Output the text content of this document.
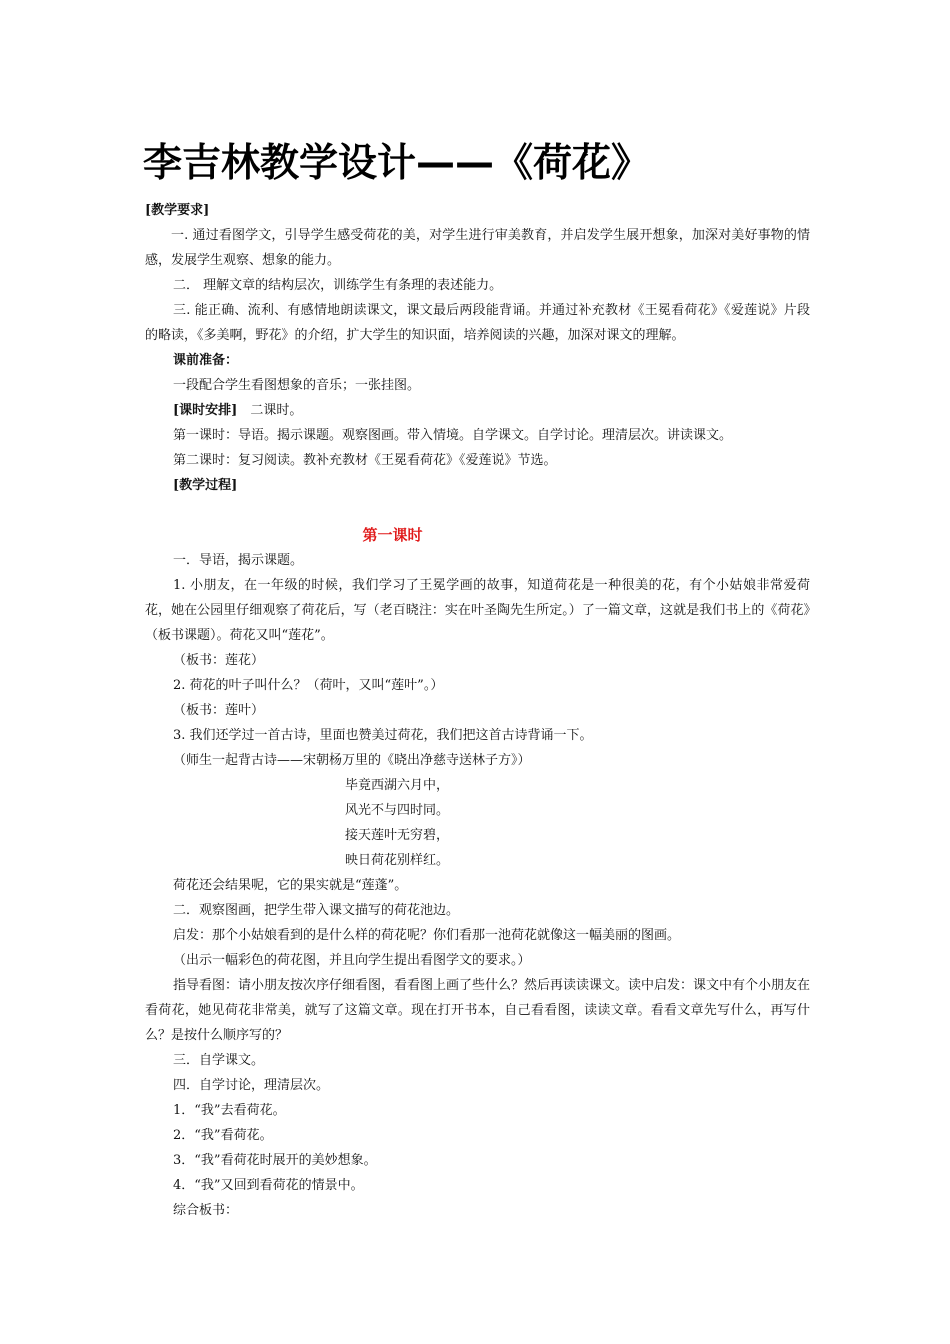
李吉林教学设计——《荷花》
[教学要求]
一. 通过看图学文，引导学生感受荷花的美，对学生进行审美教育，并启发学生展开想象，加深对美好事物的情感，发展学生观察、想象的能力。
二． 理解文章的结构层次，训练学生有条理的表述能力。
三. 能正确、流利、有感情地朗读课文，课文最后两段能背诵。并通过补充教材《王冕看荷花》《爱莲说》片段的略读，《多美啊，野花》的介绍，扩大学生的知识面，培养阅读的兴趣，加深对课文的理解。
课前准备：
一段配合学生看图想象的音乐；一张挂图。
[课时安排]　二课时。
第一课时：导语。揭示课题。观察图画。带入情境。自学课文。自学讨论。理清层次。讲读课文。
第二课时：复习阅读。教补充教材《王冕看荷花》《爱莲说》节选。
[教学过程]
第一课时
一．导语，揭示课题。
1. 小朋友，在一年级的时候，我们学习了王冕学画的故事，知道荷花是一种很美的花，有个小姑娘非常爱荷花，她在公园里仔细观察了荷花后，写（老百晓注：实在叶圣陶先生所定。）了一篇文章，这就是我们书上的《荷花》（板书课题）。荷花又叫“莲花”。
（板书：莲花）
2. 荷花的叶子叫什么？（荷叶，又叫“莲叶”。）
（板书：莲叶）
3. 我们还学过一首古诗，里面也赞美过荷花，我们把这首古诗背诵一下。
（师生一起背古诗——宋朝杨万里的《晓出净慈寺送林子方》）
毕竟西湖六月中，
风光不与四时同。
接天莲叶无穷碧，
映日荷花别样红。
荷花还会结果呢，它的果实就是“莲蓬”。
二．观察图画，把学生带入课文描写的荷花池边。
启发：那个小姑娘看到的是什么样的荷花呢？你们看那一池荷花就像这一幅美丽的图画。
（出示一幅彩色的荷花图，并且向学生提出看图学文的要求。）
指导看图：请小朋友按次序仔细看图，看看图上画了些什么？然后再读读课文。读中启发：课文中有个小朋友在看荷花，她见荷花非常美，就写了这篇文章。现在打开书本，自己看看图，读读文章。看看文章先写什么，再写什么？是按什么顺序写的？
三．自学课文。
四．自学讨论，理清层次。
1．“我”去看荷花。
2．“我”看荷花。
3．“我”看荷花时展开的美妙想象。
4．“我”又回到看荷花的情景中。
综合板书：
